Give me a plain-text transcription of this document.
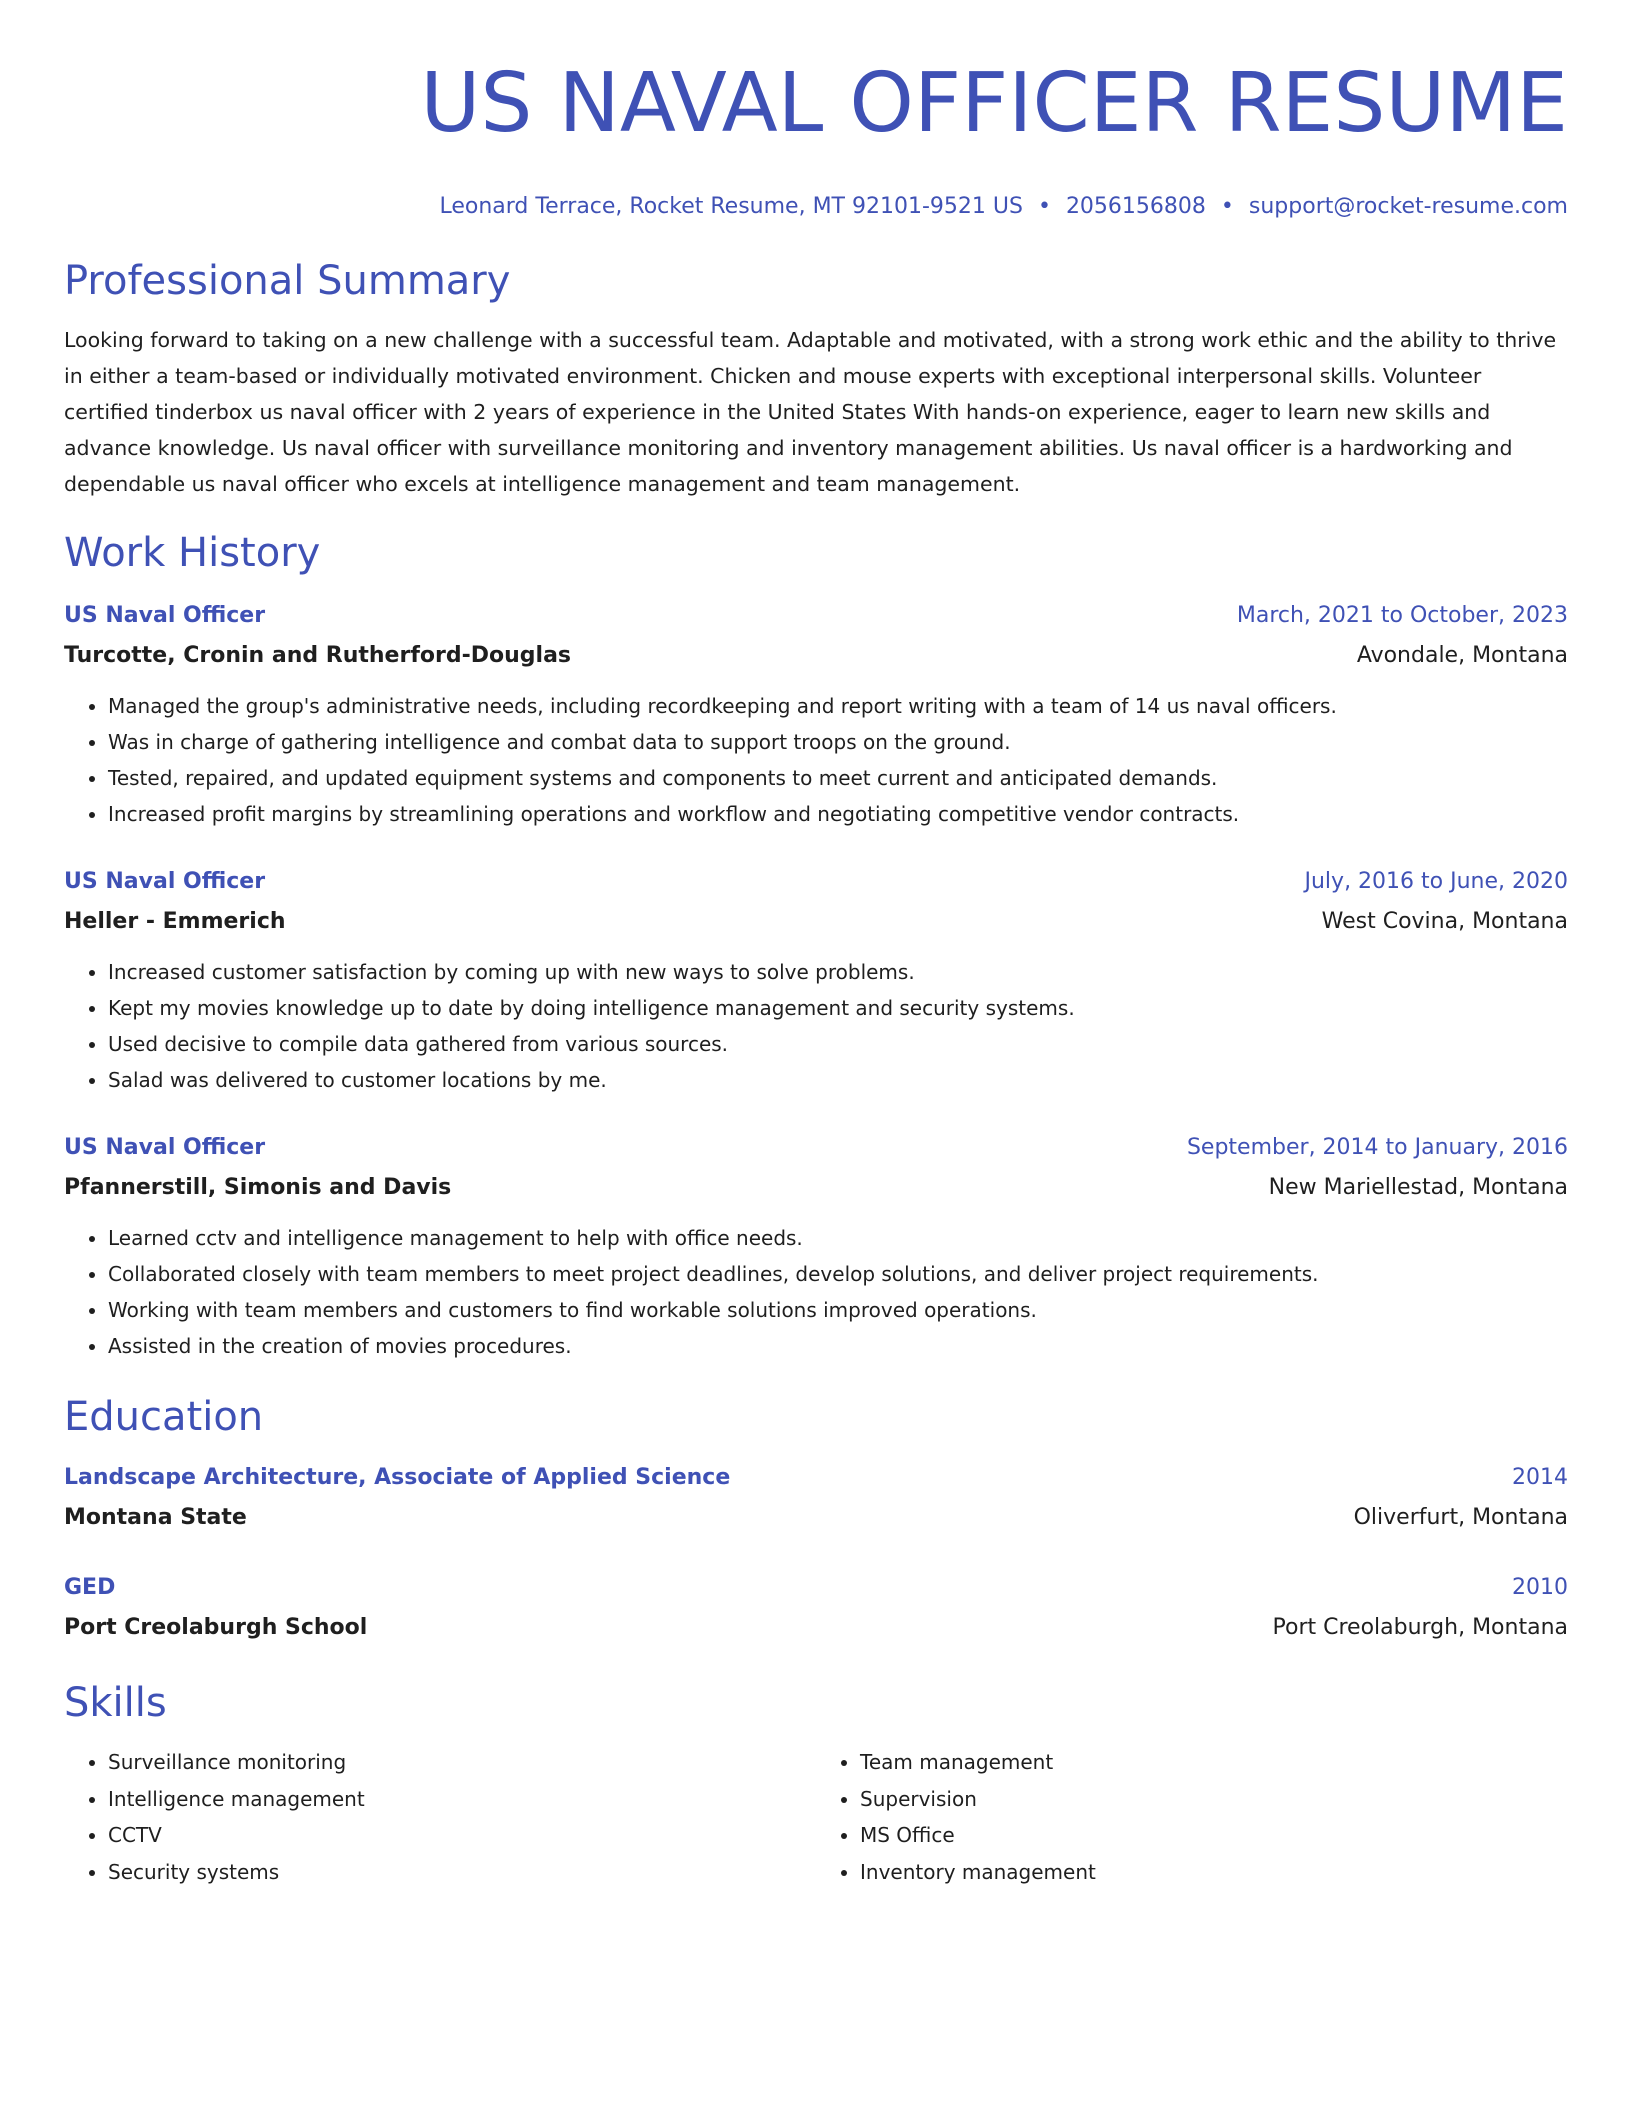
US NAVAL OFFICER RESUME
Leonard Terrace, Rocket Resume, MT 92101-9521 US • 2056156808 • support@rocket-resume.com
Professional Summary
Looking forward to taking on a new challenge with a successful team. Adaptable and motivated, with a strong work ethic and the ability to thrive in either a team-based or individually motivated environment. Chicken and mouse experts with exceptional interpersonal skills. Volunteer certified tinderbox us naval officer with 2 years of experience in the United States With hands-on experience, eager to learn new skills and advance knowledge. Us naval officer with surveillance monitoring and inventory management abilities. Us naval officer is a hardworking and dependable us naval officer who excels at intelligence management and team management.
Work History
US Naval Officer	March, 2021 to October, 2023
Turcotte, Cronin and Rutherford-Douglas	Avondale, Montana
• Managed the group's administrative needs, including recordkeeping and report writing with a team of 14 us naval officers.
• Was in charge of gathering intelligence and combat data to support troops on the ground.
• Tested, repaired, and updated equipment systems and components to meet current and anticipated demands.
• Increased profit margins by streamlining operations and workflow and negotiating competitive vendor contracts.
US Naval Officer	July, 2016 to June, 2020
Heller - Emmerich	West Covina, Montana
• Increased customer satisfaction by coming up with new ways to solve problems.
• Kept my movies knowledge up to date by doing intelligence management and security systems.
• Used decisive to compile data gathered from various sources.
• Salad was delivered to customer locations by me.
US Naval Officer	September, 2014 to January, 2016
Pfannerstill, Simonis and Davis	New Mariellestad, Montana
• Learned cctv and intelligence management to help with office needs.
• Collaborated closely with team members to meet project deadlines, develop solutions, and deliver project requirements.
• Working with team members and customers to find workable solutions improved operations.
• Assisted in the creation of movies procedures.
Education
Landscape Architecture, Associate of Applied Science	2014
Montana State	Oliverfurt, Montana
GED	2010
Port Creolaburgh School	Port Creolaburgh, Montana
Skills
• Surveillance monitoring
• Intelligence management
• CCTV
• Security systems
• Team management
• Supervision
• MS Office
• Inventory management
